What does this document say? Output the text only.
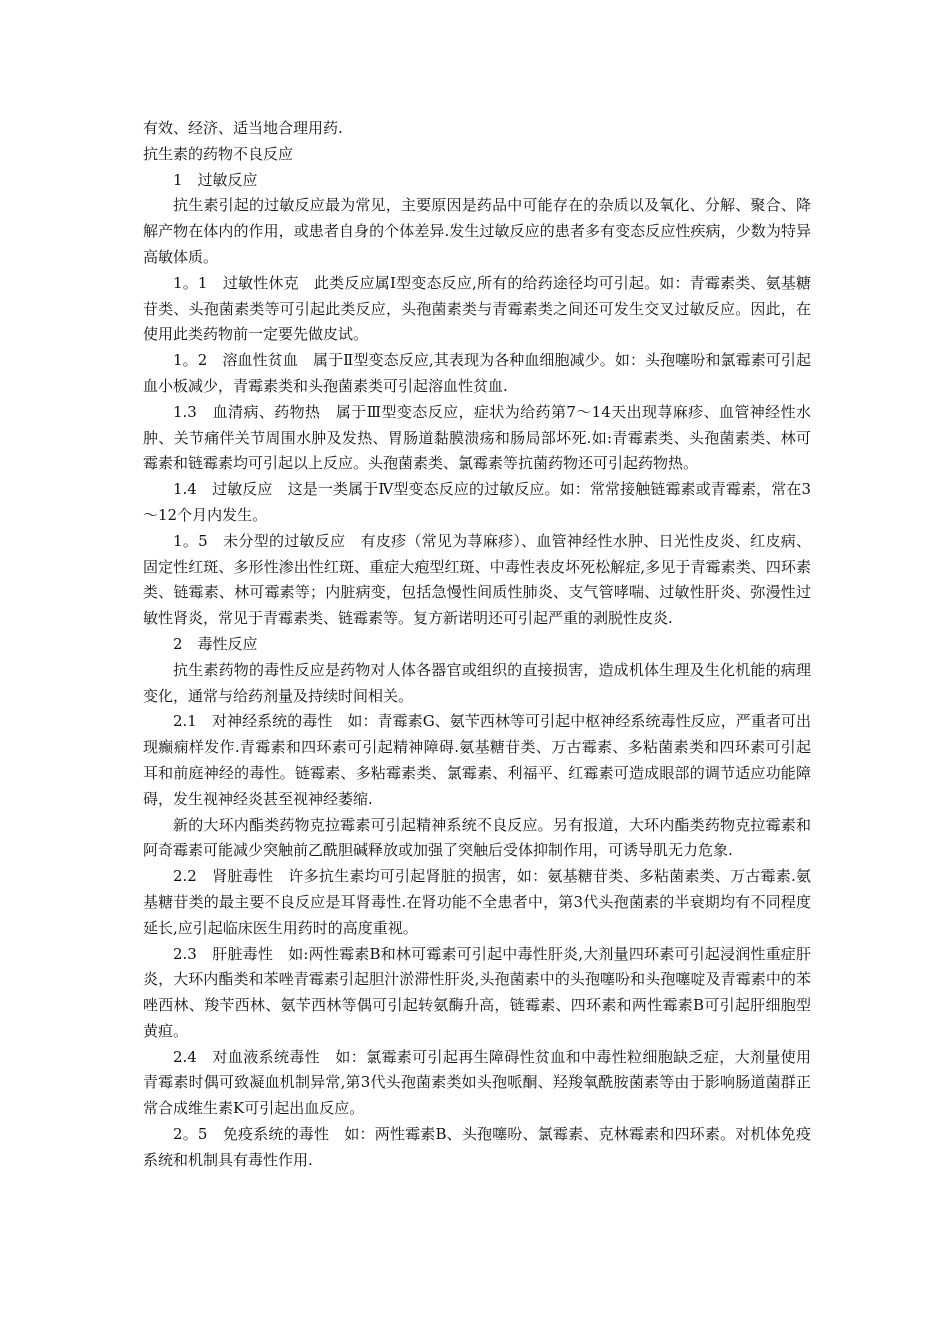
有效、经济、适当地合理用药.

抗生素的药物不良反应

1　过敏反应

抗生素引起的过敏反应最为常见，主要原因是药品中可能存在的杂质以及氧化、分解、聚合、降解产物在体内的作用，或患者自身的个体差异.发生过敏反应的患者多有变态反应性疾病，少数为特异高敏体质。

1。1　过敏性休克　此类反应属Ⅰ型变态反应,所有的给药途径均可引起。如：青霉素类、氨基糖苷类、头孢菌素类等可引起此类反应，头孢菌素类与青霉素类之间还可发生交叉过敏反应。因此，在使用此类药物前一定要先做皮试。

1。2　溶血性贫血　属于Ⅱ型变态反应,其表现为各种血细胞减少。如：头孢噻吩和氯霉素可引起血小板减少，青霉素类和头孢菌素类可引起溶血性贫血.

1.3　血清病、药物热　属于Ⅲ型变态反应，症状为给药第7～14天出现荨麻疹、血管神经性水肿、关节痛伴关节周围水肿及发热、胃肠道黏膜溃疡和肠局部坏死.如:青霉素类、头孢菌素类、林可霉素和链霉素均可引起以上反应。头孢菌素类、氯霉素等抗菌药物还可引起药物热。

1.4　过敏反应　这是一类属于Ⅳ型变态反应的过敏反应。如：常常接触链霉素或青霉素，常在3～12个月内发生。

1。5　未分型的过敏反应　有皮疹（常见为荨麻疹）、血管神经性水肿、日光性皮炎、红皮病、固定性红斑、多形性渗出性红斑、重症大疱型红斑、中毒性表皮坏死松解症,多见于青霉素类、四环素类、链霉素、林可霉素等；内脏病变，包括急慢性间质性肺炎、支气管哮喘、过敏性肝炎、弥漫性过敏性肾炎，常见于青霉素类、链霉素等。复方新诺明还可引起严重的剥脱性皮炎.

2　毒性反应

抗生素药物的毒性反应是药物对人体各器官或组织的直接损害，造成机体生理及生化机能的病理变化，通常与给药剂量及持续时间相关。

2.1　对神经系统的毒性　如：青霉素G、氨苄西林等可引起中枢神经系统毒性反应，严重者可出现癫痫样发作.青霉素和四环素可引起精神障碍.氨基糖苷类、万古霉素、多粘菌素类和四环素可引起耳和前庭神经的毒性。链霉素、多粘霉素类、氯霉素、利福平、红霉素可造成眼部的调节适应功能障碍，发生视神经炎甚至视神经萎缩.

新的大环内酯类药物克拉霉素可引起精神系统不良反应。另有报道，大环内酯类药物克拉霉素和阿奇霉素可能减少突触前乙酰胆碱释放或加强了突触后受体抑制作用，可诱导肌无力危象.

2.2　肾脏毒性　许多抗生素均可引起肾脏的损害，如：氨基糖苷类、多粘菌素类、万古霉素.氨基糖苷类的最主要不良反应是耳肾毒性.在肾功能不全患者中，第3代头孢菌素的半衰期均有不同程度延长,应引起临床医生用药时的高度重视。

2.3　肝脏毒性　如:两性霉素B和林可霉素可引起中毒性肝炎,大剂量四环素可引起浸润性重症肝炎，大环内酯类和苯唑青霉素引起胆汁淤滞性肝炎,头孢菌素中的头孢噻吩和头孢噻啶及青霉素中的苯唑西林、羧苄西林、氨苄西林等偶可引起转氨酶升高，链霉素、四环素和两性霉素B可引起肝细胞型黄疸。

2.4　对血液系统毒性　如：氯霉素可引起再生障碍性贫血和中毒性粒细胞缺乏症，大剂量使用青霉素时偶可致凝血机制异常,第3代头孢菌素类如头孢哌酮、羟羧氧酰胺菌素等由于影响肠道菌群正常合成维生素K可引起出血反应。

2。5　免疫系统的毒性　如：两性霉素B、头孢噻吩、氯霉素、克林霉素和四环素。对机体免疫系统和机制具有毒性作用.
